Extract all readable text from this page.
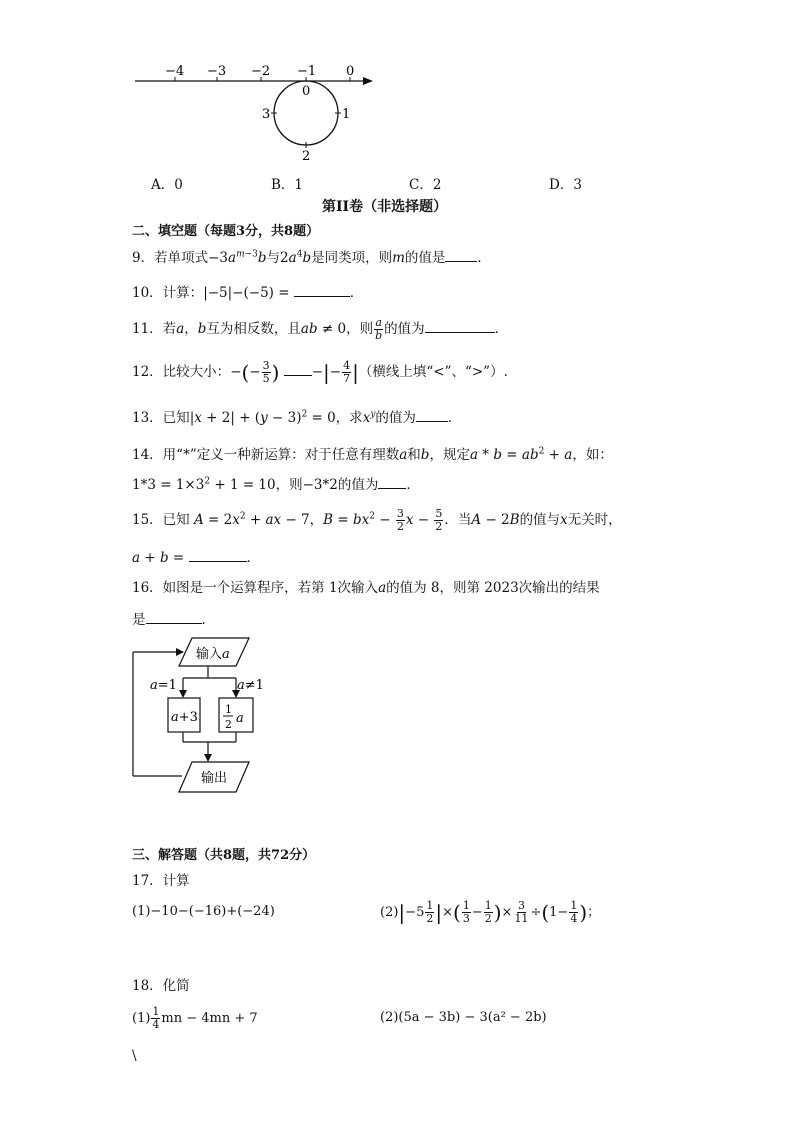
−4 −3 −2 −1 0
0
1
2
3
A．0	B．1	C．2	D．3
第II卷（非选择题）
二、填空题（每题3分，共8题）
9．若单项式$-3a^{m-3}b$与$2a^4b$是同类项，则m的值是 ．
10．计算：|−5|−(−5) =	．
11．若a，b互为相反数，且ab ≠ 0，则 $\frac{a}{b}$ 的值为	．
12．比较大小：−(− $\frac{3}{5}$ ) −|− $\frac{4}{7}$ |（横线上填“<”、“>”）.
13．已知$|x + 2| + (y - 3)^2 = 0$，求$x^y$的值为 ．
14．用“*”定义一种新运算：对于任意有理数a和b，规定$a * b = ab^2 + a$，如：
$1*3 = 1\times 3^2 + 1 = 10$，则−3*2的值为 ．
15．已知 $A = 2x^2$ + ax − 7，$B = bx^2 - \frac{3}{2}$ $x - \frac{5}{2}$ ．当A − 2B的值与x无关时，
a + b =	．
16．如图是一个运算程序，若第 1次输入a的值为 8，则第 2023次输出的结果
是	．
输入a
输出
a=1	a≠1
a+3
1
2 a
三、解答题（共8题，共72分）
17．计算
(1)−10−(−16)+(−24)	$(2)|-5 \frac{1}{2}$ |×( $\frac{1}{3} - \frac{1}{2}$ )× $\frac{3}{11} \div(1- \frac{1}{4}$ )；
18．化简
$(1) \frac{1}{4}$ mn − 4mn + 7	(2)(5a − 3b) − 3(a² − 2b)
\
